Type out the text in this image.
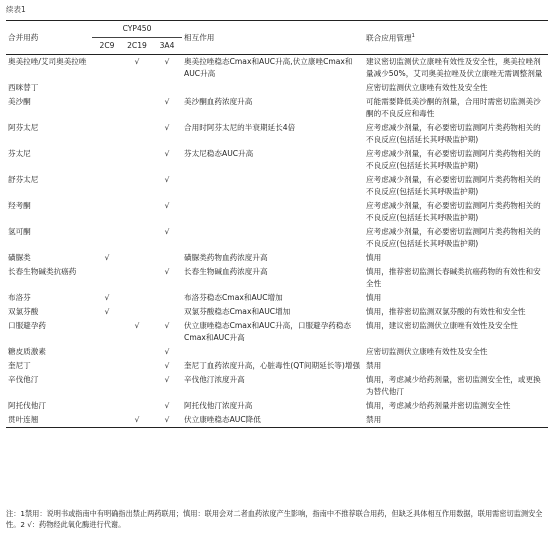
续表1
合并用药	CYP450			相互作用	联合应用管理$^1$
	2C9	2C19	3A4		
奥美拉唑/艾司奥美拉唑		√	√	奥美拉唑稳态Cmax和AUC升高,伏立康唑Cmax和AUC升高	建议密切监测伏立康唑有效性及安全性，奥美拉唑剂量减少50%，艾司奥美拉唑及伏立康唑无需调整剂量
西咪替丁					应密切监测伏立康唑有效性及安全性
美沙酮			√	美沙酮血药浓度升高	可能需要降低美沙酮的剂量，合用时需密切监测美沙酮的不良反应和毒性
阿芬太尼			√	合用时阿芬太尼的半衰期延长4倍	应考虑减少剂量，有必要密切监测阿片类药物相关的不良反应(包括延长其呼吸监护期)
芬太尼			√	芬太尼稳态AUC升高	应考虑减少剂量，有必要密切监测阿片类药物相关的不良反应(包括延长其呼吸监护期)
舒芬太尼			√		应考虑减少剂量，有必要密切监测阿片类药物相关的不良反应(包括延长其呼吸监护期)
羟考酮			√		应考虑减少剂量，有必要密切监测阿片类药物相关的不良反应(包括延长其呼吸监护期)
氢可酮			√		应考虑减少剂量，有必要密切监测阿片类药物相关的不良反应(包括延长其呼吸监护期)
磺脲类	√			磺脲类药物血药浓度升高	慎用
长春生物碱类抗癌药			√	长春生物碱血药浓度升高	慎用，推荐密切监测长春碱类抗癌药物的有效性和安全性
布洛芬	√			布洛芬稳态Cmax和AUC增加	慎用
双氯芬酸	√			双氯芬酸稳态Cmax和AUC增加	慎用，推荐密切监测双氯芬酸的有效性和安全性
口服避孕药		√	√	伏立康唑稳态Cmax和AUC升高，口服避孕药稳态Cmax和AUC升高	慎用，建议密切监测伏立康唑有效性及安全性
糖皮质激素			√		应密切监测伏立康唑有效性及安全性
奎尼丁			√	奎尼丁血药浓度升高，心脏毒性(QT间期延长等)增强	禁用
辛伐他汀			√	辛伐他汀浓度升高	慎用，考虑减少给药剂量，密切监测安全性，或更换为替代他汀
阿托伐他汀			√	阿托伐他汀浓度升高	慎用，考虑减少给药剂量并密切监测安全性
贯叶连翘		√	√	伏立康唑稳态AUC降低	禁用
注：1禁用：说明书或指南中有明确指出禁止两药联用；慎用：联用会对二者血药浓度产生影响，指南中不推荐联合用药，但缺乏具体相互作用数据，联用需密切监测安全性。2 √：药物经此氧化酶进行代谢。
